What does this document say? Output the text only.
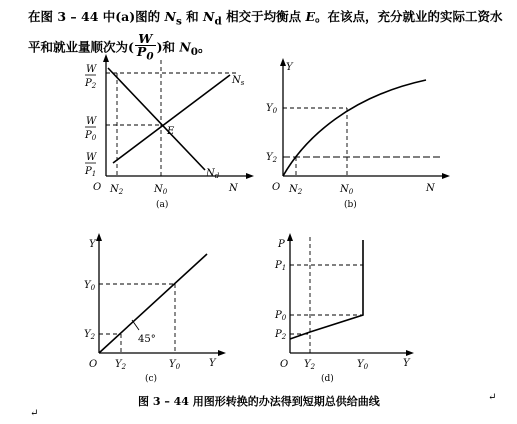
在图 3 – 44 中(a)图的 $N_s$ 和 $N_d$ 相交于均衡点 E。在该点，充分就业的实际工资水平和就业量顺次为( $\frac{W}{P_0}$ )和 $N_0$。

W
$P_2$
W
$P_0$
W
$P_1$
O $N_2$	$N_0$	N
$N_s$
$N_d$
E
(a)
Y
$Y_0$
$Y_2$
O $N_2$	$N_0$	N
(b)
Y
$Y_0$
$Y_2$
O $Y_2$	$Y_0$	Y
45°
(c)
P
$P_1$
$P_0$
$P_2$
O $Y_2$	$Y_0$	Y
(d)

图 3 – 44 用图形转换的办法得到短期总供给曲线	↵
↵
